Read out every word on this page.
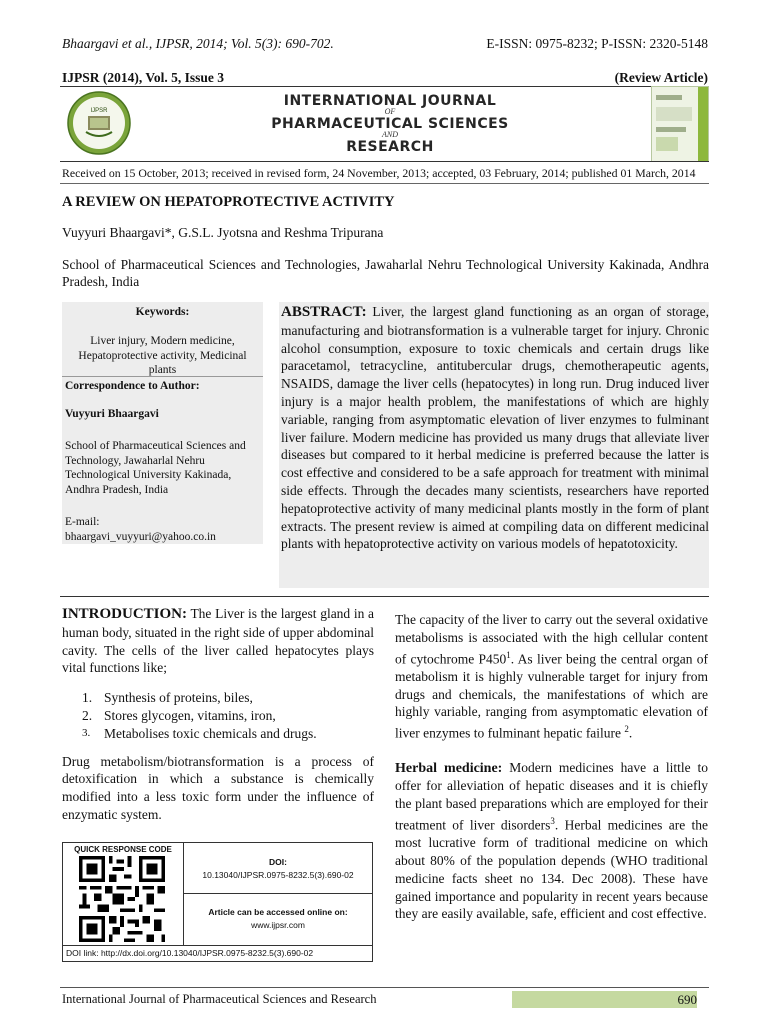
Bhaargavi et al., IJPSR, 2014; Vol. 5(3): 690-702.	E-ISSN: 0975-8232; P-ISSN: 2320-5148
IJPSR (2014), Vol. 5, Issue 3	(Review Article)
IJPSR
INTERNATIONAL JOURNAL
OF
PHARMACEUTICAL SCIENCES
AND
RESEARCH
Received on 15 October, 2013; received in revised form, 24 November, 2013; accepted, 03 February, 2014; published 01 March, 2014
A REVIEW ON HEPATOPROTECTIVE ACTIVITY
Vuyyuri Bhaargavi*, G.S.L. Jyotsna and Reshma Tripurana
School of Pharmaceutical Sciences and Technologies, Jawaharlal Nehru Technological University Kakinada, Andhra Pradesh, India
Keywords:
Liver injury, Modern medicine, Hepatoprotective activity, Medicinal plants
Correspondence to Author:
Vuyyuri Bhaargavi
School of Pharmaceutical Sciences and Technology, Jawaharlal Nehru Technological University Kakinada, Andhra Pradesh, India
E-mail:
bhaargavi_vuyyuri@yahoo.co.in
ABSTRACT: Liver, the largest gland functioning as an organ of storage, manufacturing and biotransformation is a vulnerable target for injury. Chronic alcohol consumption, exposure to toxic chemicals and certain drugs like paracetamol, tetracycline, antitubercular drugs, chemotherapeutic agents, NSAIDS, damage the liver cells (hepatocytes) in long run. Drug induced liver injury is a major health problem, the manifestations of which are highly variable, ranging from asymptomatic elevation of liver enzymes to fulminant liver failure. Modern medicine has provided us many drugs that alleviate liver diseases but compared to it herbal medicine is preferred because the latter is cost effective and considered to be a safe approach for treatment with minimal side effects. Through the decades many scientists, researchers have reported hepatoprotective activity of many medicinal plants mostly in the form of plant extracts. The present review is aimed at compiling data on different medicinal plants with hepatoprotective activity on various models of hepatotoxicity.

INTRODUCTION: The Liver is the largest gland in a human body, situated in the right side of upper abdominal cavity. The cells of the liver called hepatocytes plays vital functions like;

1. Synthesis of proteins, biles,
2. Stores glycogen, vitamins, iron,
3.	Metabolises toxic chemicals and drugs.

Drug metabolism/biotransformation is a process of detoxification in which a substance is chemically modified into a less toxic form under the influence of enzymatic system.

QUICK RESPONSE CODE
DOI:
10.13040/IJPSR.0975-8232.5(3).690-02
Article can be accessed online on:
www.ijpsr.com
DOI link: http://dx.doi.org/10.13040/IJPSR.0975-8232.5(3).690-02

The capacity of the liver to carry out the several oxidative metabolisms is associated with the high cellular content of cytochrome $P450^1$. As liver being the central organ of metabolism it is highly vulnerable target for injury from drugs and chemicals, the manifestations of which are highly variable, ranging from asymptomatic elevation of liver enzymes to fulminant hepatic failure $^2$.

Herbal medicine: Modern medicines have a little to offer for alleviation of hepatic diseases and it is chiefly the plant based preparations which are employed for their treatment of liver disorders$^3$. Herbal medicines are the most lucrative form of traditional medicine on which about 80% of the population depends (WHO traditional medicine facts sheet no 134. Dec 2008). These have gained importance and popularity in recent years because they are easily available, safe, efficient and cost effective.

International Journal of Pharmaceutical Sciences and Research	690
